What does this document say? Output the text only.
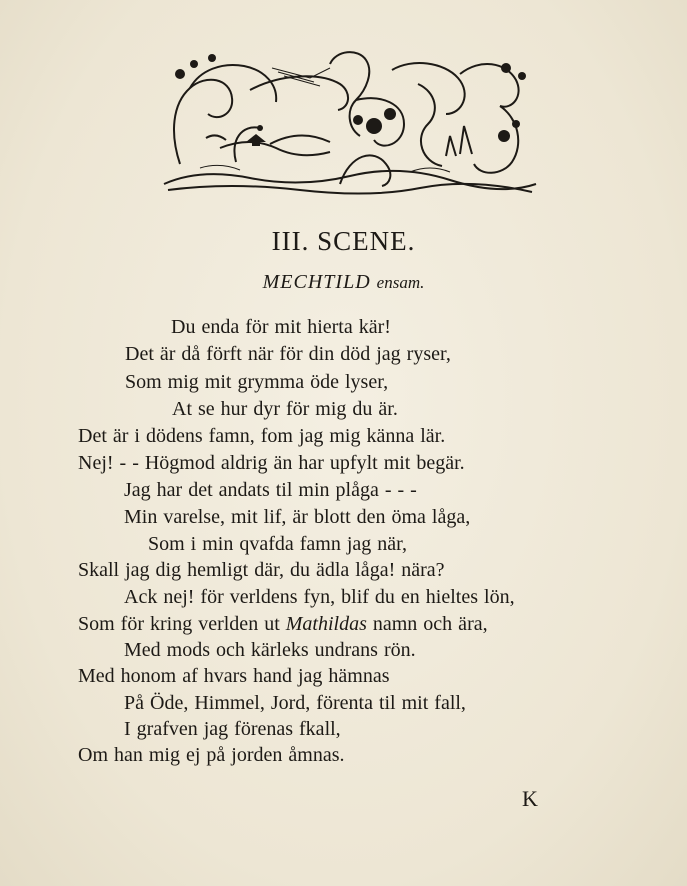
III. SCENE.
MECHTILD ensam.
Du enda för mit hierta kär!
Det är då förft när för din död jag ryser,
Som mig mit grymma öde lyser,
At se hur dyr för mig du är.
Det är i dödens famn, fom jag mig känna lär.
Nej! - - Högmod aldrig än har upfylt mit begär.
Jag har det andats til min plåga - - -
Min varelse, mit lif, är blott den öma låga,
Som i min qvafda famn jag när,
Skall jag dig hemligt där, du ädla låga! nära?
Ack nej! för verldens fyn, blif du en hieltes lön,
Som för kring verlden ut Mathildas namn och ära,
Med mods och kärleks undrans rön.
Med honom af hvars hand jag hämnas
På Öde, Himmel, Jord, förenta til mit fall,
I grafven jag förenas fkall,
Om han mig ej på jorden åmnas.
K
